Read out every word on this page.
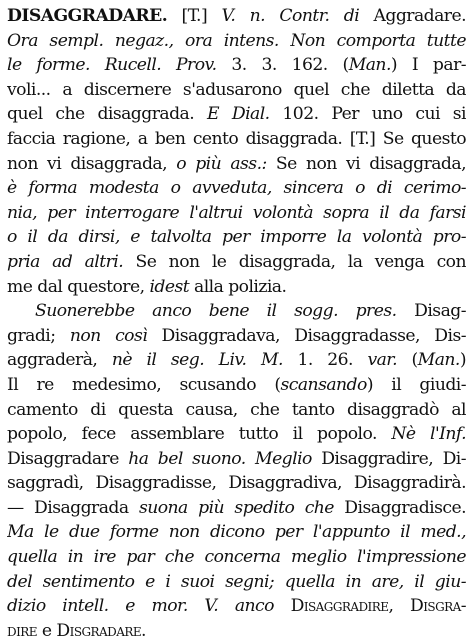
DISAGGRADARE. [T.] V. n. Contr. di Aggradare.
Ora sempl. negaz., ora intens. Non comporta tutte
le forme. Rucell. Prov. 3. 3. 162. (Man.) I par-
voli... a discernere s'adusarono quel che diletta da
quel che disaggrada. E Dial. 102. Per uno cui si
faccia ragione, a ben cento disaggrada. [T.] Se questo
non vi disaggrada, o più ass.: Se non vi disaggrada,
è forma modesta o avveduta, sincera o di cerimo-
nia, per interrogare l'altrui volontà sopra il da farsi
o il da dirsi, e talvolta per imporre la volontà pro-
pria ad altri. Se non le disaggrada, la venga con
me dal questore, idest alla polizia.
Suonerebbe anco bene il sogg. pres. Disag-
gradi; non così Disaggradava, Disaggradasse, Dis-
aggraderà, nè il seg. Liv. M. 1. 26. var. (Man.)
Il re medesimo, scusando (scansando) il giudi-
camento di questa causa, che tanto disaggradò al
popolo, fece assemblare tutto il popolo. Nè l'Inf.
Disaggradare ha bel suono. Meglio Disaggradire, Di-
saggradì, Disaggradisse, Disaggradiva, Disaggradirà.
— Disaggrada suona più spedito che Disaggradisce.
Ma le due forme non dicono per l'appunto il med.,
quella in ire par che concerna meglio l'impressione
del sentimento e i suoi segni; quella in are, il giu-
dizio intell. e mor. V. anco Disaggradire, Disgra-
dire e Disgradare.
